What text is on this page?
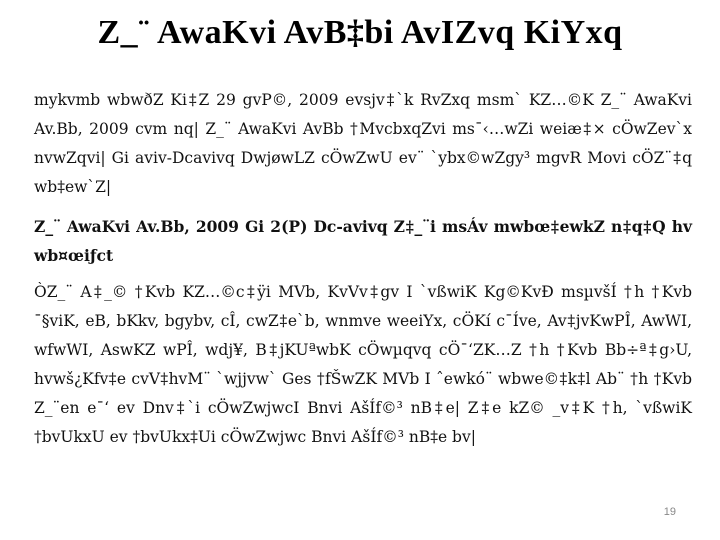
Z_¨ AwaKvi AvB‡bi AvIZvq KiYxq

mykvmb wbwðZ Ki‡Z 29 gvP©, 2009 evsjv‡`k RvZxq msm` KZ…©K Z_¨ AwaKvi Av.Bb, 2009 cvm nq| Z_¨ AwaKvi AvBb †MvcbxqZvi ms¯‹…wZi weiæ‡× cÖwZev`x nvwZqvi| Gi aviv-Dcavivq DwjøwLZ cÖwZwU ev¨ `ybx©wZgy³ mgvR Movi cÖZ¨‡q wb‡ew`Z|

Z_¨ AwaKvi Av.Bb, 2009 Gi 2(P) Dc-avivq Z‡_¨i msÁv mwbœ‡ewkZ n‡q‡Q hv wb¤œiƒct

ÒZ_¨ A‡_© †Kvb KZ…©c‡ÿi MVb, KvVv‡gv I `vßwiK Kg©KvÐ msµvšÍ †h †Kvb ¯§viK, eB, bKkv, bgybv, cÎ, cwZ‡e`b, wnmve weeiYx, cÖKí c¯Íve, Av‡jvKwPÎ, AwWI, wfwWI, AswKZ wPÎ, wdj¥, B‡jKUªwbK cÖwµqvq cÖ¯‘ZK…Z †h †Kvb Bb÷ª‡g›U, hvwš¿Kfv‡e cvV‡hvM¨ `wjjvw` Ges †fŠwZK MVb I ˆewkó¨ wbwe©‡k‡l Ab¨ †h †Kvb Z_¨en e¯‘ ev Dnv‡`i cÖwZwjwcI Bnvi AšÍf©³ nB‡e| Z‡e kZ© _v‡K †h, `vßwiK †bvUkxU ev †bvUkx‡Ui cÖwZwjwc Bnvi AšÍf©³ nB‡e bv|

19
